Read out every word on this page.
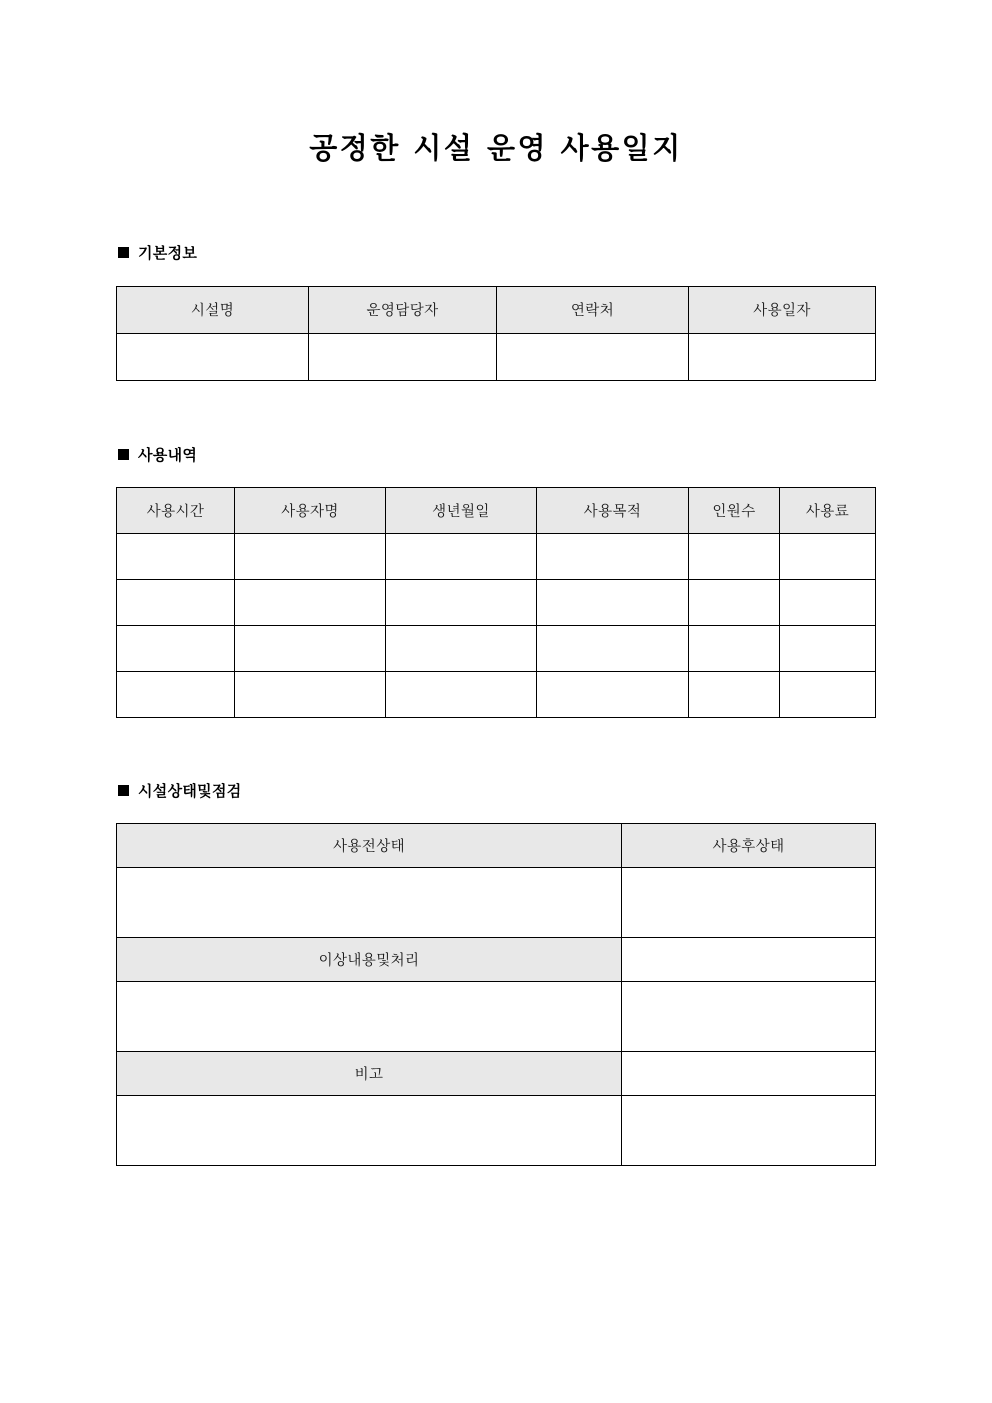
공정한 시설 운영 사용일지
기본정보
시설명	운영담당자	연락처	사용일자

사용내역
사용시간	사용자명	생년월일	사용목적	인원수	사용료

시설상태및점검
사용전상태	사용후상태

이상내용및처리	

비고	
